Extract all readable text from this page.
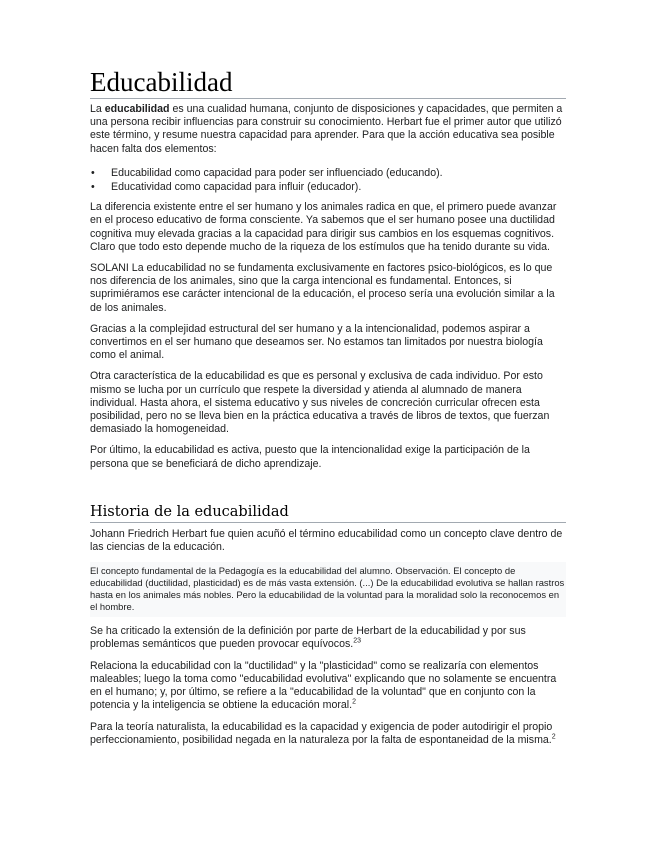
Educabilidad

La educabilidad es una cualidad humana, conjunto de disposiciones y capacidades, que permiten a una persona recibir influencias para construir su conocimiento. Herbart fue el primer autor que utilizó este término, y resume nuestra capacidad para aprender. Para que la acción educativa sea posible hacen falta dos elementos:

• Educabilidad como capacidad para poder ser influenciado (educando).
• Educatividad como capacidad para influir (educador).

La diferencia existente entre el ser humano y los animales radica en que, el primero puede avanzar en el proceso educativo de forma consciente. Ya sabemos que el ser humano posee una ductilidad cognitiva muy elevada gracias a la capacidad para dirigir sus cambios en los esquemas cognitivos. Claro que todo esto depende mucho de la riqueza de los estímulos que ha tenido durante su vida.

SOLANI La educabilidad no se fundamenta exclusivamente en factores psico-biológicos, es lo que nos diferencia de los animales, sino que la carga intencional es fundamental. Entonces, si suprimiéramos ese carácter intencional de la educación, el proceso sería una evolución similar a la de los animales.

Gracias a la complejidad estructural del ser humano y a la intencionalidad, podemos aspirar a convertimos en el ser humano que deseamos ser. No estamos tan limitados por nuestra biología como el animal.

Otra característica de la educabilidad es que es personal y exclusiva de cada individuo. Por esto mismo se lucha por un currículo que respete la diversidad y atienda al alumnado de manera individual. Hasta ahora, el sistema educativo y sus niveles de concreción curricular ofrecen esta posibilidad, pero no se lleva bien en la práctica educativa a través de libros de textos, que fuerzan demasiado la homogeneidad.

Por último, la educabilidad es activa, puesto que la intencionalidad exige la participación de la persona que se beneficiará de dicho aprendizaje.

Historia de la educabilidad

Johann Friedrich Herbart fue quien acuñó el término educabilidad como un concepto clave dentro de las ciencias de la educación.

El concepto fundamental de la Pedagogía es la educabilidad del alumno. Observación. El concepto de educabilidad (ductilidad, plasticidad) es de más vasta extensión. (...) De la educabilidad evolutiva se hallan rastros hasta en los animales más nobles. Pero la educabilidad de la voluntad para la moralidad solo la reconocemos en el hombre.

Se ha criticado la extensión de la definición por parte de Herbart de la educabilidad y por sus problemas semánticos que pueden provocar equívocos.$^{23}$

Relaciona la educabilidad con la "ductilidad" y la "plasticidad" como se realizaría con elementos maleables; luego la toma como "educabilidad evolutiva" explicando que no solamente se encuentra en el humano; y, por último, se refiere a la "educabilidad de la voluntad" que en conjunto con la potencia y la inteligencia se obtiene la educación moral.$^2$

Para la teoría naturalista, la educabilidad es la capacidad y exigencia de poder autodirigir el propio perfeccionamiento, posibilidad negada en la naturaleza por la falta de espontaneidad de la misma.$^2$
